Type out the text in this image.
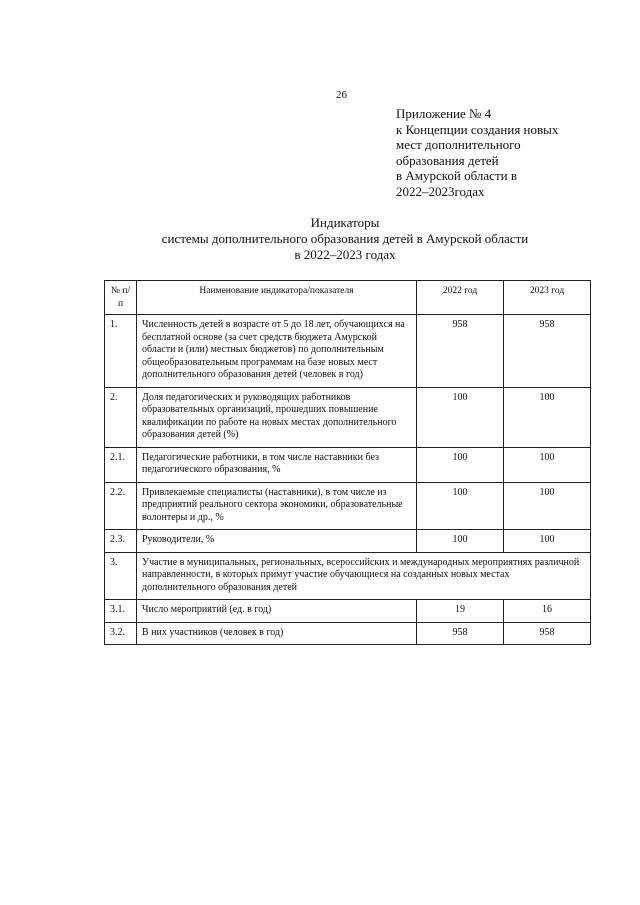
26
Приложение № 4
к Концепции создания новых
мест дополнительного
образования детей
в Амурской области в
2022–2023годах
Индикаторы
системы дополнительного образования детей в Амурской области
в 2022–2023 годах
№ п/п	Наименование индикатора/показателя	2022 год	2023 год
1.	Численность детей в возрасте от 5 до 18 лет, обучающихся на бесплатной основе (за счет средств бюджета Амурской области и (или) местных бюджетов) по дополнительным общеобразовательным программам на базе новых мест дополнительного образования детей (человек в год)	958	958
2.	Доля педагогических и руководящих работников образовательных организаций, прошедших повышение квалификации по работе на новых местах дополнительного образования детей (%)	100	100
2.1.	Педагогические работники, в том числе наставники без педагогического образования, %	100	100
2.2.	Привлекаемые специалисты (наставники), в том числе из предприятий реального сектора экономики, образовательные волонтеры и др., %	100	100
2.3.	Руководители, %	100	100
3.	Участие в муниципальных, региональных, всероссийских и международных мероприятиях различной направленности, в которых примут участие обучающиеся на созданных новых местах дополнительного образования детей		
3.1.	Число мероприятий (ед. в год)	19	16
3.2.	В них участников (человек в год)	958	958
